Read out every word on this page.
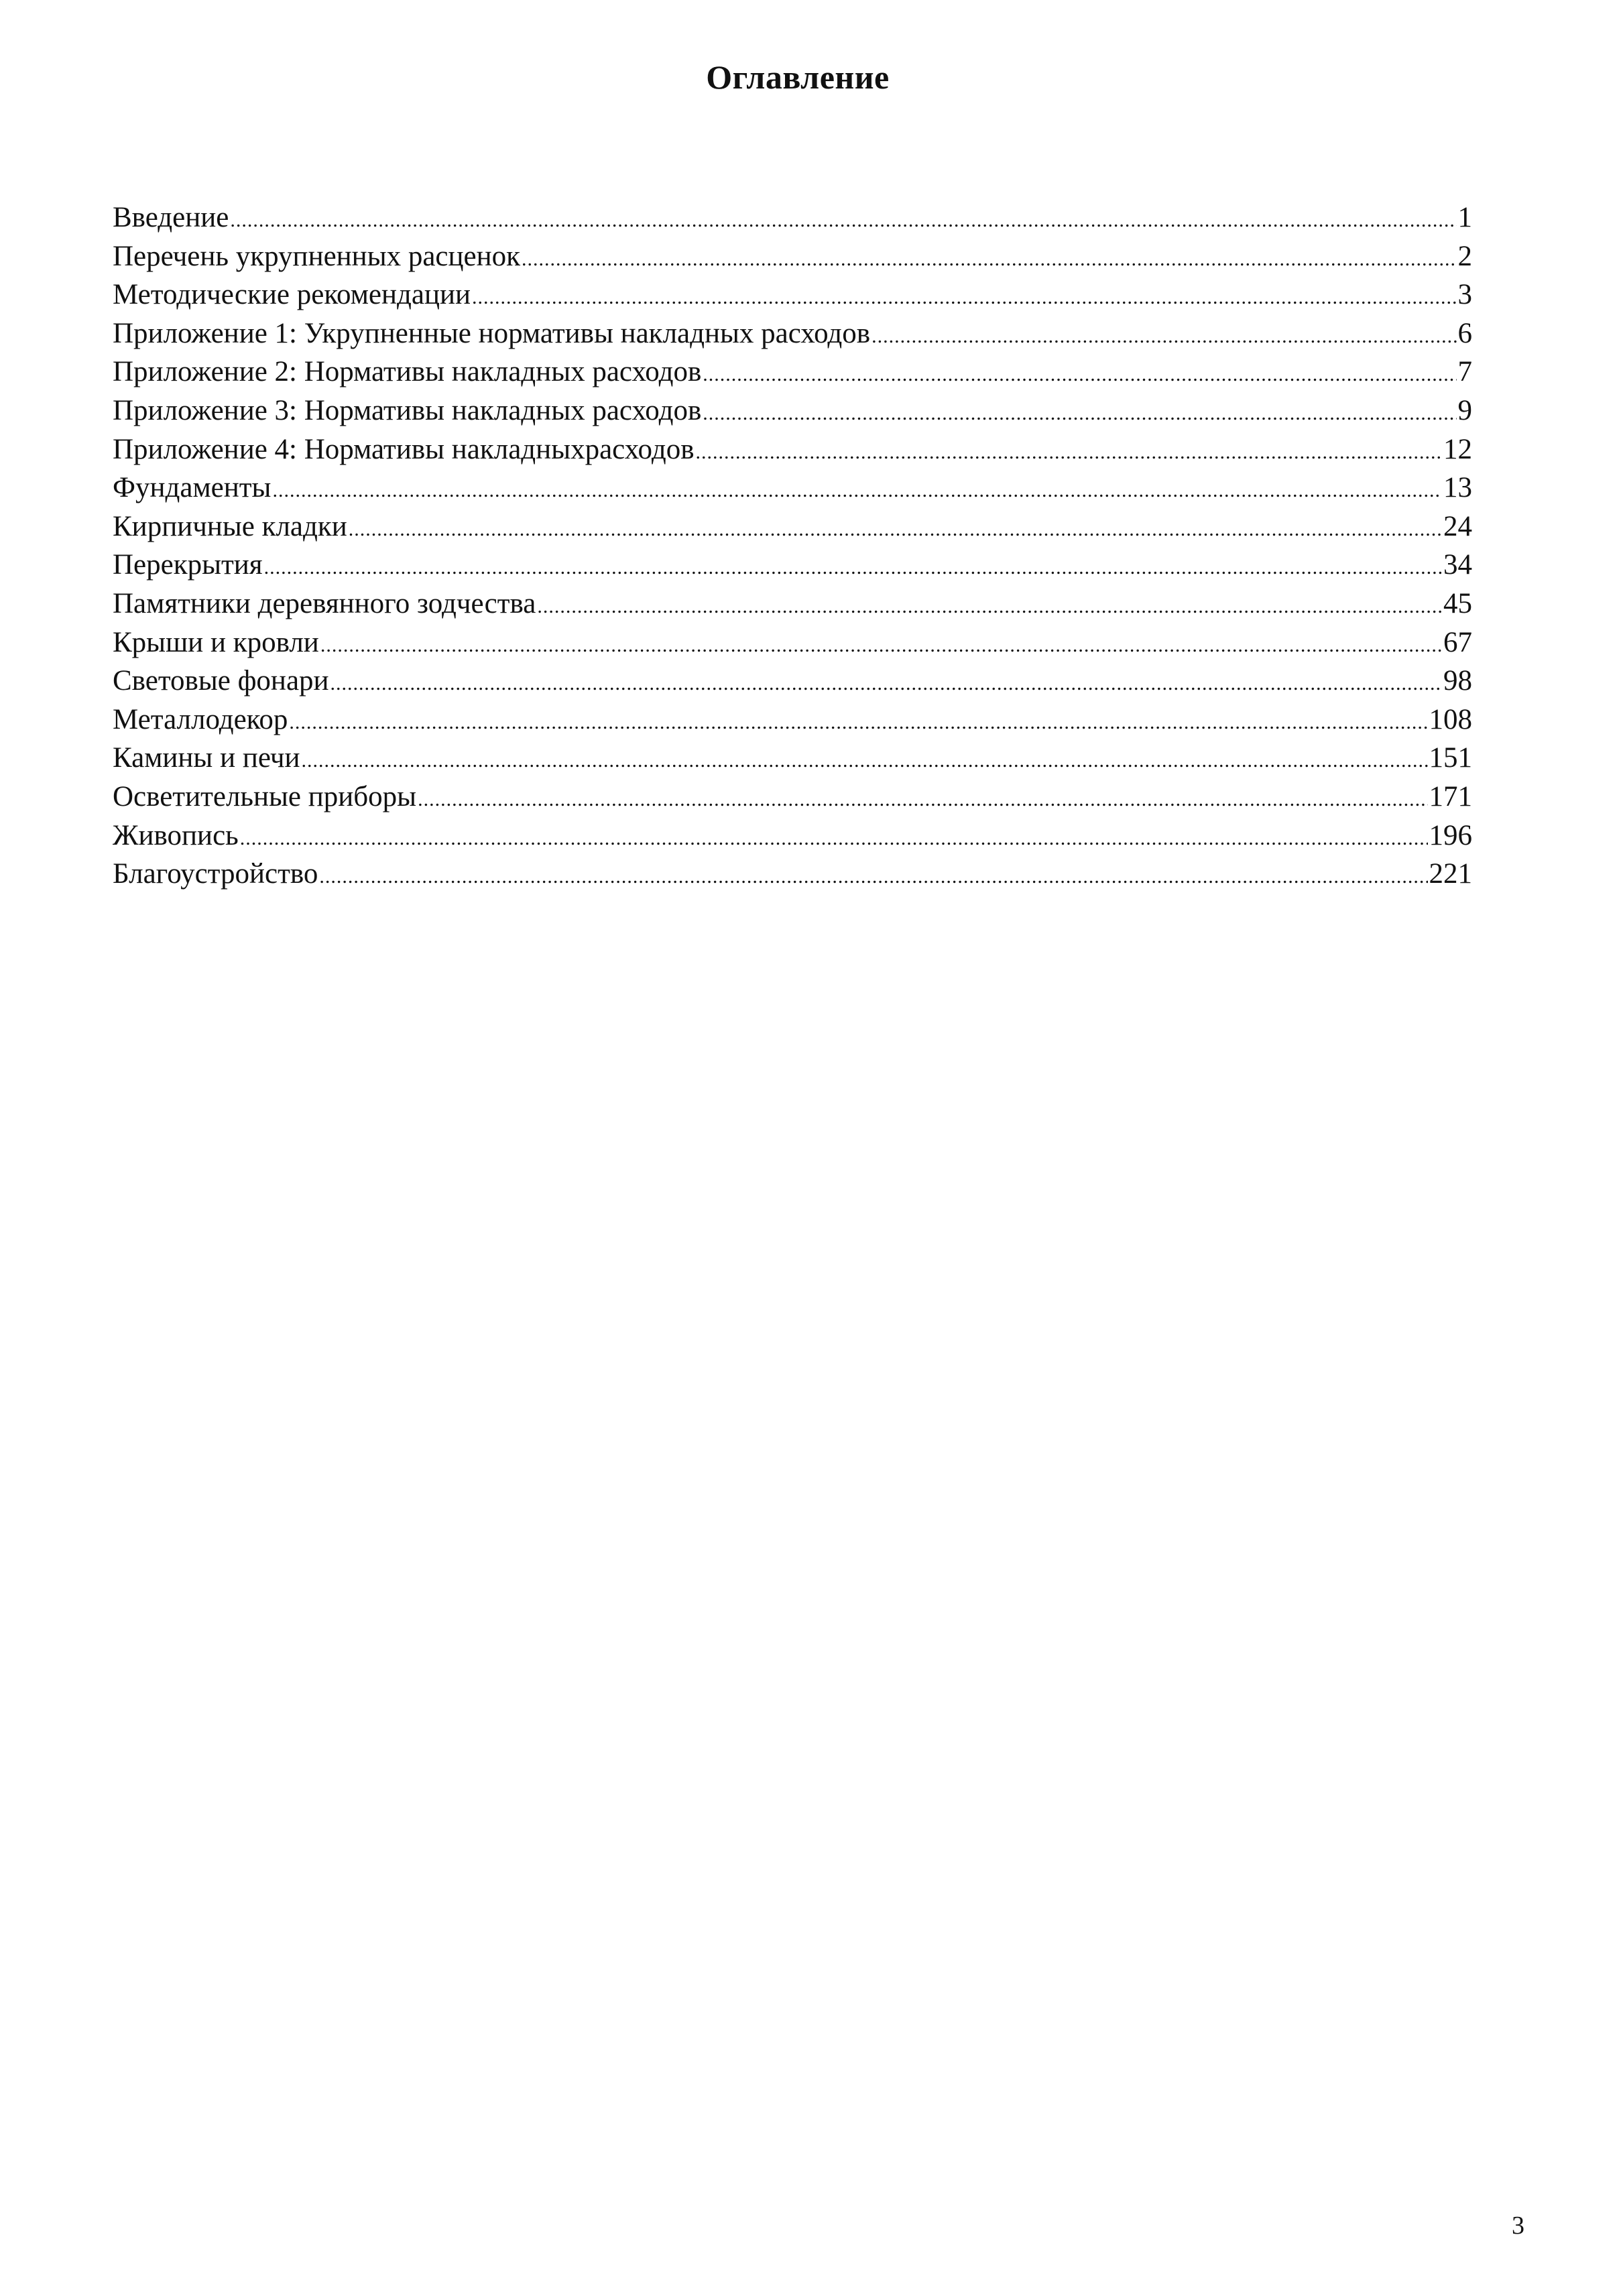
Оглавление
Введение .....	1
Перечень укрупненных расценок .....	2
Методические рекомендации .....	3
Приложение 1: Укрупненные нормативы накладных расходов .....	6
Приложение 2: Нормативы накладных расходов .....	7
Приложение 3: Нормативы накладных расходов .....	9
Приложение 4: Нормативы накладныхрасходов .....	12
Фундаменты .....	13
Кирпичные кладки .....	24
Перекрытия .....	34
Памятники деревянного зодчества .....	45
Крыши и кровли .....	67
Световые фонари .....	98
Металлодекор .....	108
Камины и печи .....	151
Осветительные приборы .....	171
Живопись .....	196
Благоустройство .....	221
3
